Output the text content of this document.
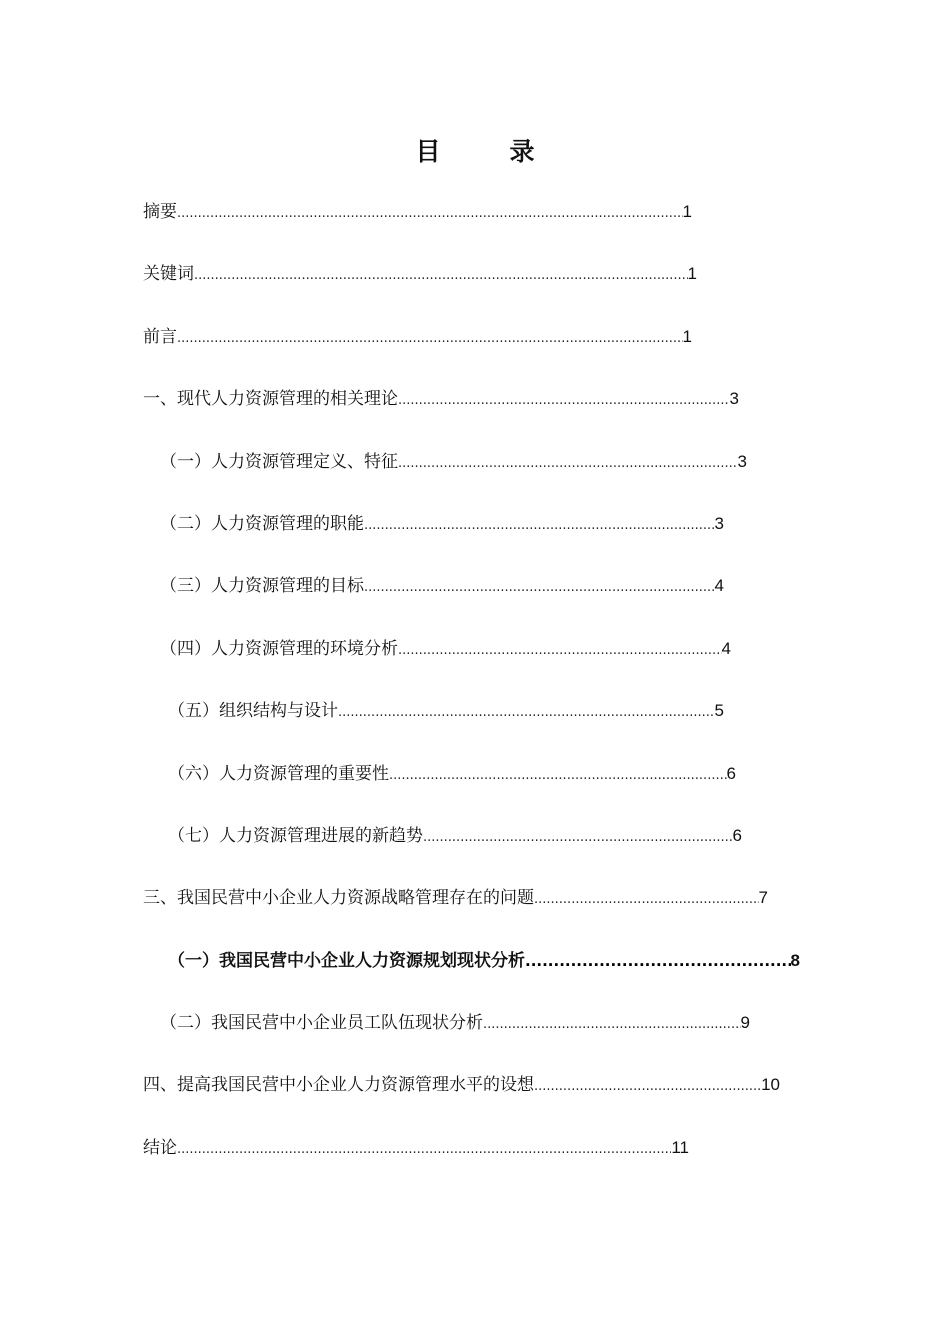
目　录
摘要 .....	1
关键词 .....	1
前言 .....	1
一、现代人力资源管理的相关理论 .....	3
（一）人力资源管理定义、特征 .....	3
（二）人力资源管理的职能 .....	3
（三）人力资源管理的目标 .....	4
（四）人力资源管理的环境分析 .....	4
（五）组织结构与设计 .....	5
（六）人力资源管理的重要性 .....	6
（七）人力资源管理进展的新趋势 .....	6
三、我国民营中小企业人力资源战略管理存在的问题 .....	7
（一）我国民营中小企业人力资源规划现状分析 .....	8
（二）我国民营中小企业员工队伍现状分析 .....	9
四、提高我国民营中小企业人力资源管理水平的设想 .....	10
结论 .....	11
